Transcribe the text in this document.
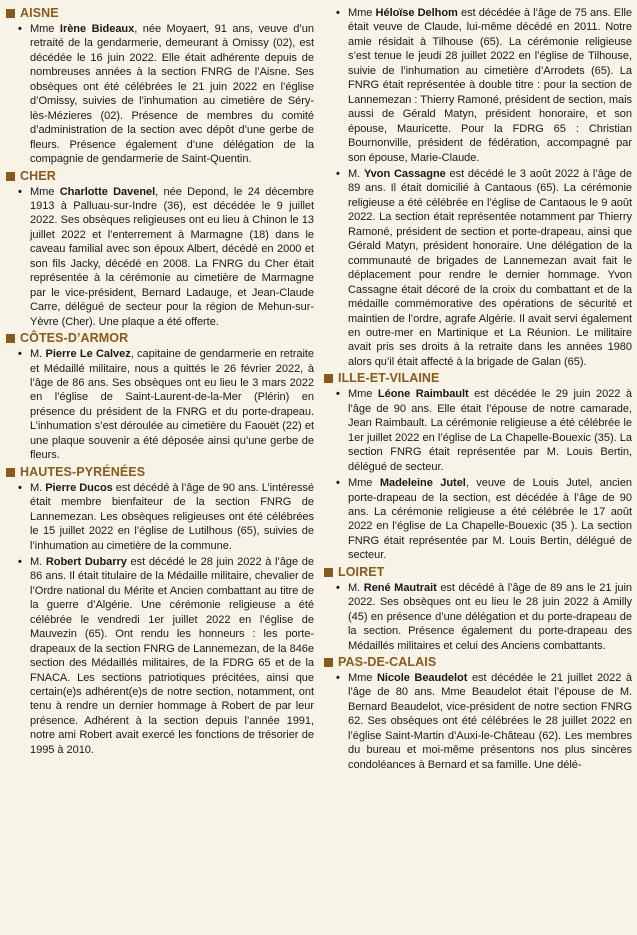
AISNE
• Mme Irène Bideaux, née Moyaert, 91 ans, veuve d’un retraité de la gendarmerie, demeurant à Omissy (02), est décédée le 16 juin 2022. Elle était adhérente depuis de nombreuses années à la section FNRG de l’Aisne. Ses obsèques ont été célébrées le 21 juin 2022 en l’église d’Omissy, suivies de l’inhumation au cimetière de Séry-lès-Mézieres (02). Présence de membres du comité d’administration de la section avec dépôt d’une gerbe de fleurs. Présence également d’une délégation de la compagnie de gendarmerie de Saint-Quentin.
CHER
• Mme Charlotte Davenel, née Depond, le 24 décembre 1913 à Palluau-sur-Indre (36), est décédée le 9 juillet 2022. Ses obsèques religieuses ont eu lieu à Chinon le 13 juillet 2022 et l’enterrement à Marmagne (18) dans le caveau familial avec son époux Albert, décédé en 2000 et son fils Jacky, décédé en 2008. La FNRG du Cher était représentée à la cérémonie au cimetière de Marmagne par le vice-président, Bernard Ladauge, et Jean-Claude Carre, délégué de secteur pour la région de Mehun-sur-Yèvre (Cher). Une plaque a été offerte.
CÔTES-D’ARMOR
• M. Pierre Le Calvez, capitaine de gendarmerie en retraite et Médaillé militaire, nous a quittés le 26 février 2022, à l’âge de 86 ans. Ses obsèques ont eu lieu le 3 mars 2022 en l’église de Saint-Laurent-de-la-Mer (Plérin) en présence du président de la FNRG et du porte-drapeau. L’inhumation s’est déroulée au cimetière du Faouët (22) et une plaque souvenir a été déposée ainsi qu’une gerbe de fleurs.
HAUTES-PYRÉNÉES
• M. Pierre Ducos est décédé à l’âge de 90 ans. L’intéressé était membre bienfaiteur de la section FNRG de Lannemezan. Les obsèques religieuses ont été célébrées le 15 juillet 2022 en l’église de Lutilhous (65), suivies de l’inhumation au cimetière de la commune.
• M. Robert Dubarry est décédé le 28 juin 2022 à l’âge de 86 ans. Il était titulaire de la Médaille militaire, chevalier de l’Ordre national du Mérite et Ancien combattant au titre de la guerre d’Algérie. Une cérémonie religieuse a été célébrée le vendredi 1er juillet 2022 en l’église de Mauvezin (65). Ont rendu les honneurs : les porte-drapeaux de la section FNRG de Lannemezan, de la 846e section des Médaillés militaires, de la FDRG 65 et de la FNACA. Les sections patriotiques précitées, ainsi que certain(e)s adhérent(e)s de notre section, notamment, ont tenu à rendre un dernier hommage à Robert de par leur présence. Adhérent à la section depuis l’année 1991, notre ami Robert avait exercé les fonctions de trésorier de 1995 à 2010.
• Mme Héloïse Delhom est décédée à l’âge de 75 ans. Elle était veuve de Claude, lui-même décédé en 2011. Notre amie résidait à Tilhouse (65). La cérémonie religieuse s’est tenue le jeudi 28 juillet 2022 en l’église de Tilhouse, suivie de l’inhumation au cimetière d’Arrodets (65). La FNRG était représentée à double titre : pour la section de Lannemezan : Thierry Ramoné, président de section, mais aussi de Gérald Matyn, président honoraire, et son épouse, Mauricette. Pour la FDRG 65 : Christian Bournonville, président de fédération, accompagné par son épouse, Marie-Claude.
• M. Yvon Cassagne est décédé le 3 août 2022 à l’âge de 89 ans. Il était domicilié à Cantaous (65). La cérémonie religieuse a été célébrée en l’église de Cantaous le 9 août 2022. La section était représentée notamment par Thierry Ramoné, président de section et porte-drapeau, ainsi que Gérald Matyn, président honoraire. Une délégation de la communauté de brigades de Lannemezan avait fait le déplacement pour rendre le dernier hommage. Yvon Cassagne était décoré de la croix du combattant et de la médaille commémorative des opérations de sécurité et maintien de l’ordre, agrafe Algérie. Il avait servi également en outre-mer en Martinique et La Réunion. Le militaire avait pris ses droits à la retraite dans les années 1980 alors qu’il était affecté à la brigade de Galan (65).
ILLE-ET-VILAINE
• Mme Léone Raimbault est décédée le 29 juin 2022 à l’âge de 90 ans. Elle était l’épouse de notre camarade, Jean Raimbault. La cérémonie religieuse a été célébrée le 1er juillet 2022 en l’église de La Chapelle-Bouexic (35). La section FNRG était représentée par M. Louis Bertin, délégué de secteur.
• Mme Madeleine Jutel, veuve de Louis Jutel, ancien porte-drapeau de la section, est décédée à l’âge de 90 ans. La cérémonie religieuse a été célébrée le 17 août 2022 en l’église de La Chapelle-Bouexic (35 ). La section FNRG était représentée par M. Louis Bertin, délégué de secteur.
LOIRET
• M. René Mautrait est décédé à l’âge de 89 ans le 21 juin 2022. Ses obsèques ont eu lieu le 28 juin 2022 à Amilly (45) en présence d’une délégation et du porte-drapeau de la section. Présence également du porte-drapeau des Médaillés militaires et celui des Anciens combattants.
PAS-DE-CALAIS
• Mme Nicole Beaudelot est décédée le 21 juillet 2022 à l’âge de 80 ans. Mme Beaudelot était l’épouse de M. Bernard Beaudelot, vice-président de notre section FNRG 62. Ses obsèques ont été célébrées le 28 juillet 2022 en l’église Saint-Martin d’Auxi-le-Château (62). Les membres du bureau et moi-même présentons nos plus sincères condoléances à Bernard et sa famille. Une délé-
